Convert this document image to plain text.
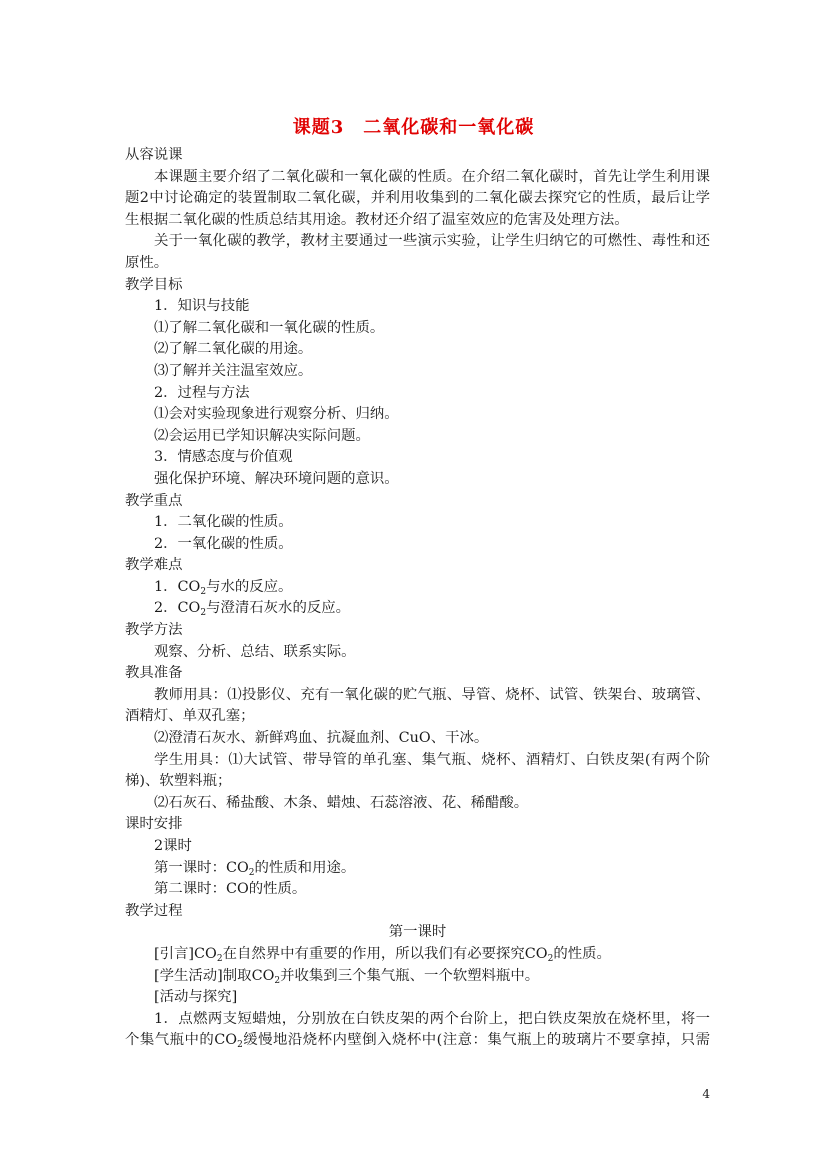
课题3　二氧化碳和一氧化碳
从容说课
本课题主要介绍了二氧化碳和一氧化碳的性质。在介绍二氧化碳时，首先让学生利用课
题2中讨论确定的装置制取二氧化碳，并利用收集到的二氧化碳去探究它的性质，最后让学
生根据二氧化碳的性质总结其用途。教材还介绍了温室效应的危害及处理方法。
关于一氧化碳的教学，教材主要通过一些演示实验，让学生归纳它的可燃性、毒性和还
原性。
教学目标
1．知识与技能
⑴了解二氧化碳和一氧化碳的性质。
⑵了解二氧化碳的用途。
⑶了解并关注温室效应。
2．过程与方法
⑴会对实验现象进行观察分析、归纳。
⑵会运用已学知识解决实际问题。
3．情感态度与价值观
强化保护环境、解决环境问题的意识。
教学重点
1．二氧化碳的性质。
2．一氧化碳的性质。
教学难点
1．$CO_2$与水的反应。
2．$CO_2$与澄清石灰水的反应。
教学方法
观察、分析、总结、联系实际。
教具准备
教师用具：⑴投影仪、充有一氧化碳的贮气瓶、导管、烧杯、试管、铁架台、玻璃管、
酒精灯、单双孔塞；
⑵澄清石灰水、新鲜鸡血、抗凝血剂、CuO、干冰。
学生用具：⑴大试管、带导管的单孔塞、集气瓶、烧杯、酒精灯、白铁皮架(有两个阶
梯)、软塑料瓶；
⑵石灰石、稀盐酸、木条、蜡烛、石蕊溶液、花、稀醋酸。
课时安排
2课时
第一课时：$CO_2$的性质和用途。
第二课时：CO的性质。
教学过程
第一课时
[引言]$CO_2$在自然界中有重要的作用，所以我们有必要探究$CO_2$的性质。
[学生活动]制取$CO_2$并收集到三个集气瓶、一个软塑料瓶中。
[活动与探究]
1．点燃两支短蜡烛，分别放在白铁皮架的两个台阶上，把白铁皮架放在烧杯里，将一
个集气瓶中的$CO_2$缓慢地沿烧杯内壁倒入烧杯中(注意：集气瓶上的玻璃片不要拿掉，只需
4
